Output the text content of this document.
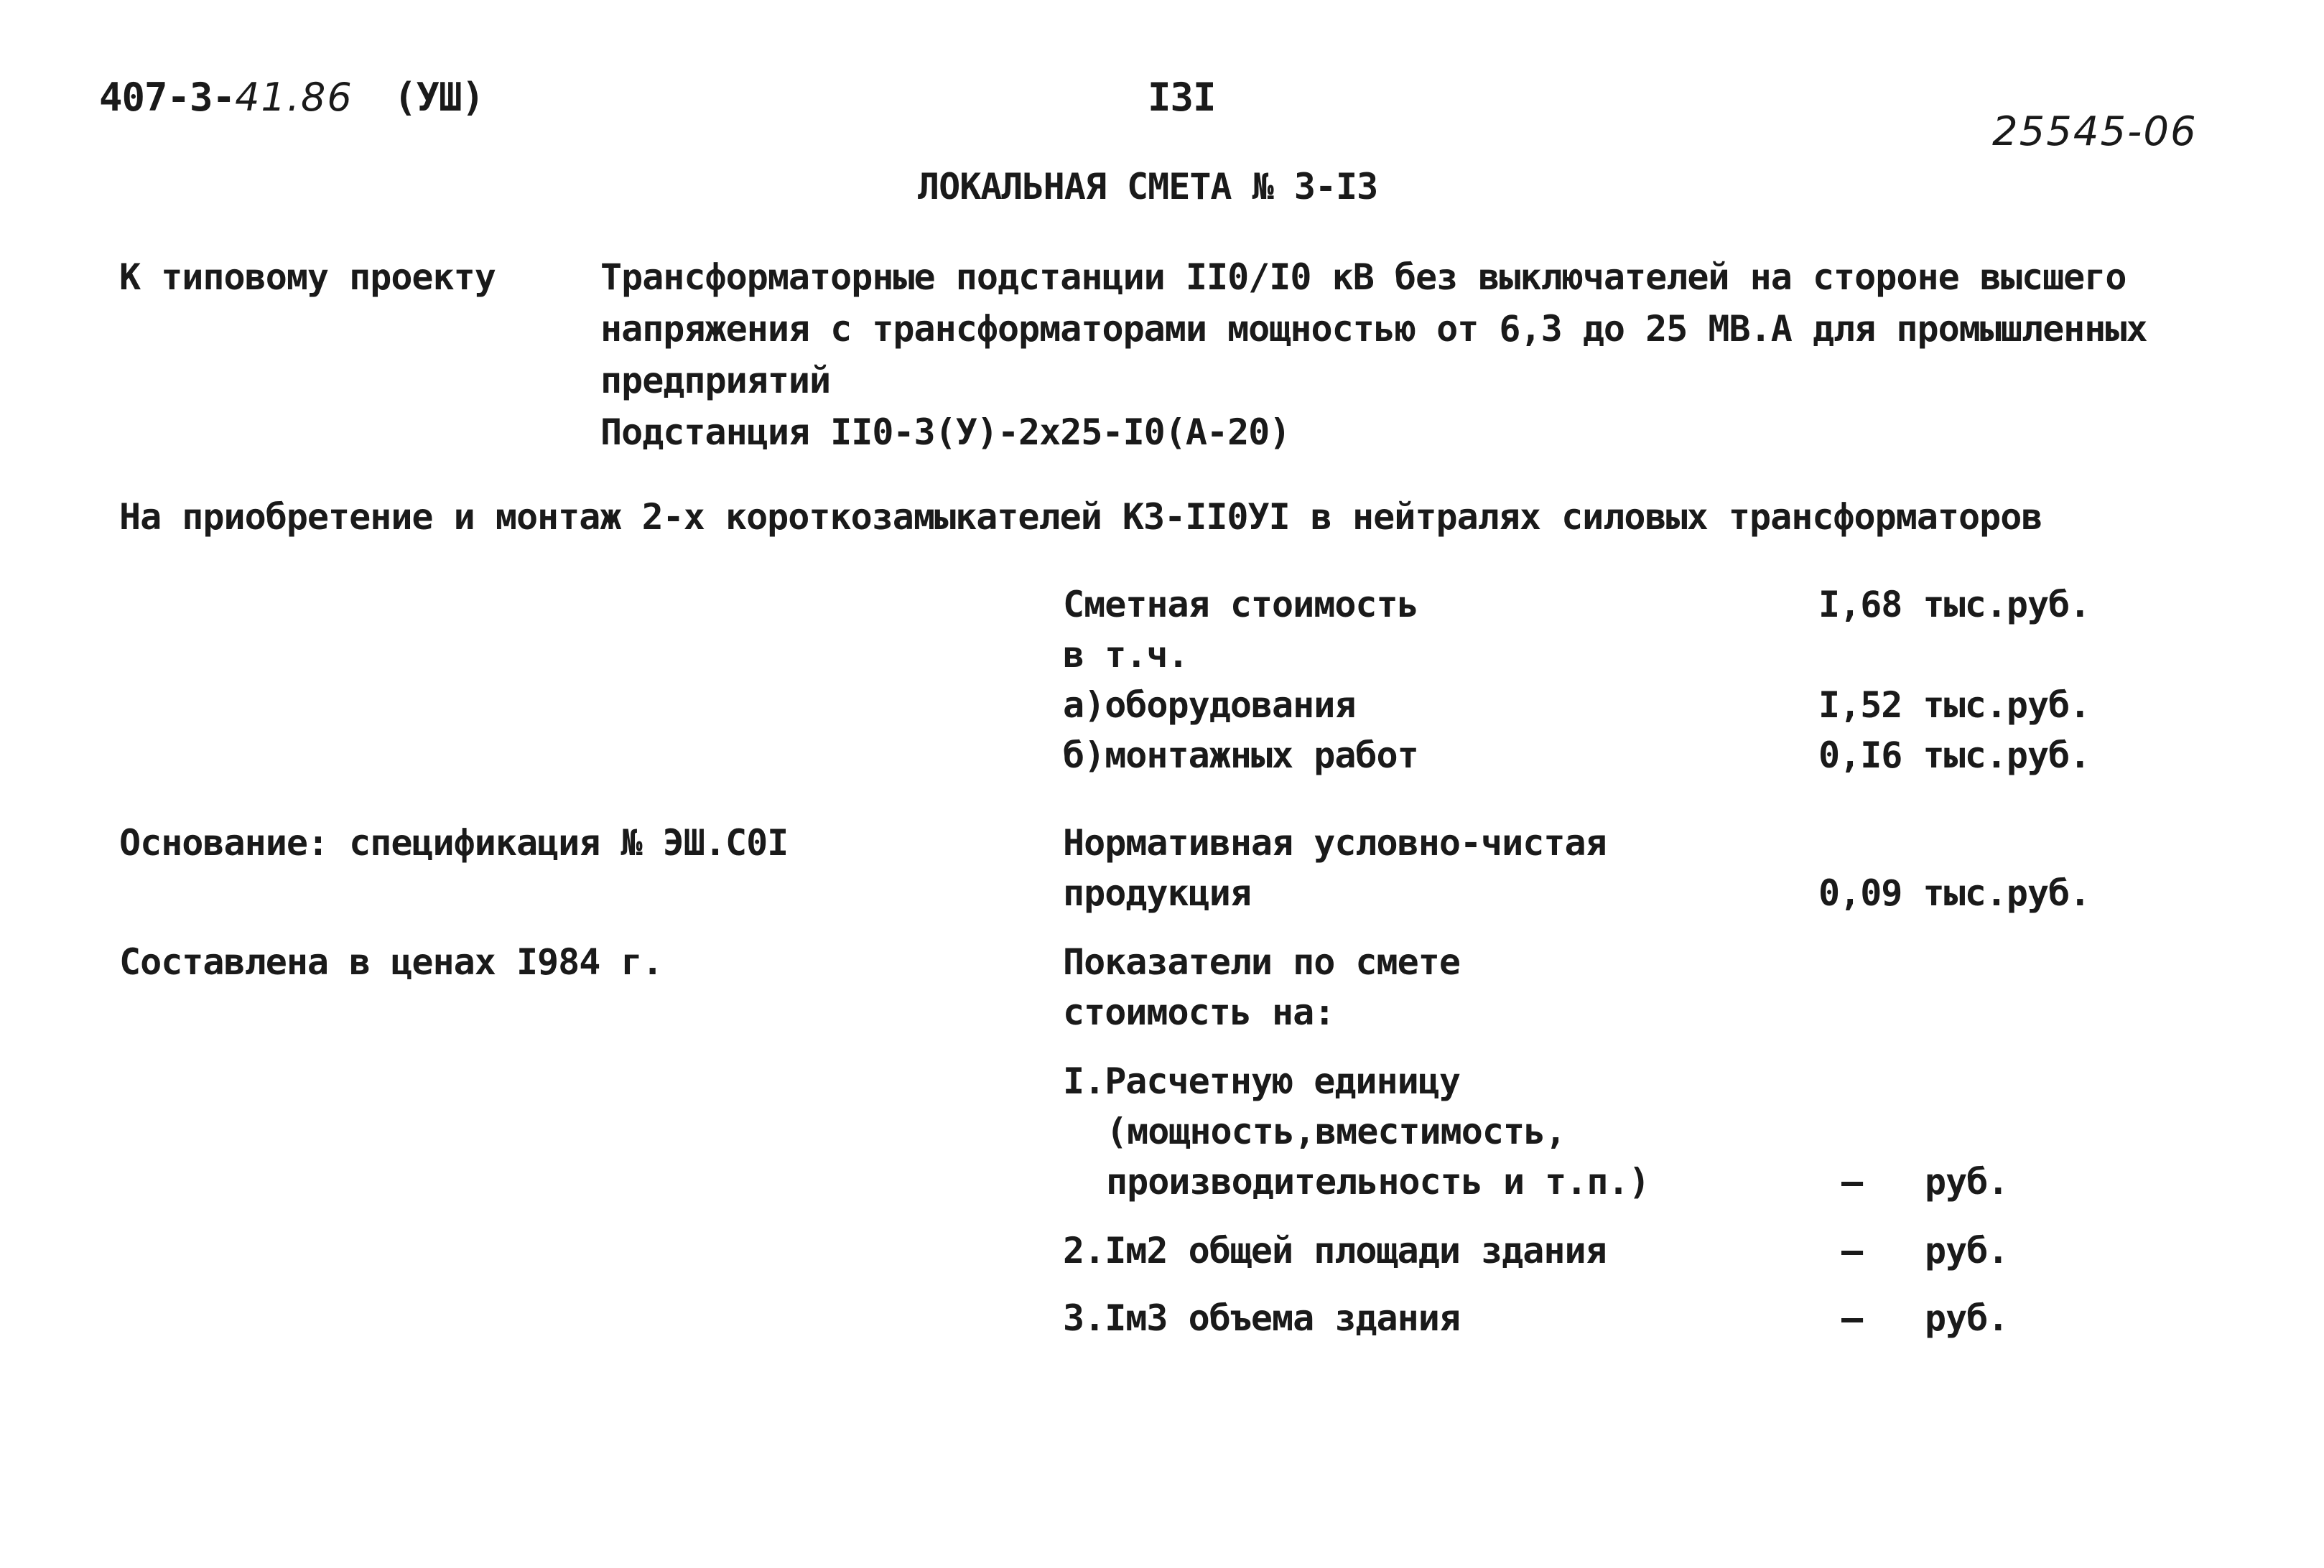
407-3-41.86 (УШ)	I3I
25545-06
ЛОКАЛЬНАЯ СМЕТА № 3-I3
К типовому проекту	Трансформаторные подстанции II0/I0 кВ без выключателей на стороне высшего
напряжения с трансформаторами мощностью от 6,3 до 25 МВ.А для промышленных
предприятий
Подстанция II0-3(У)-2x25-I0(А-20)
На приобретение и монтаж 2-х короткозамыкателей КЗ-II0УI в нейтралях силовых трансформаторов
Сметная стоимость	I,68 тыс.руб.
в т.ч.
а)оборудования	I,52 тыс.руб.
б)монтажных работ	0,I6 тыс.руб.
Основание: спецификация № ЭШ.С0I	Нормативная условно-чистая
продукция	0,09 тыс.руб.
Составлена в ценах I984 г.	Показатели по смете
стоимость на:
I.Расчетную единицу
(мощность,вместимость,
производительность и т.п.)	– руб.
2.Iм2 общей площади здания	– руб.
3.Iм3 объема здания	– руб.
